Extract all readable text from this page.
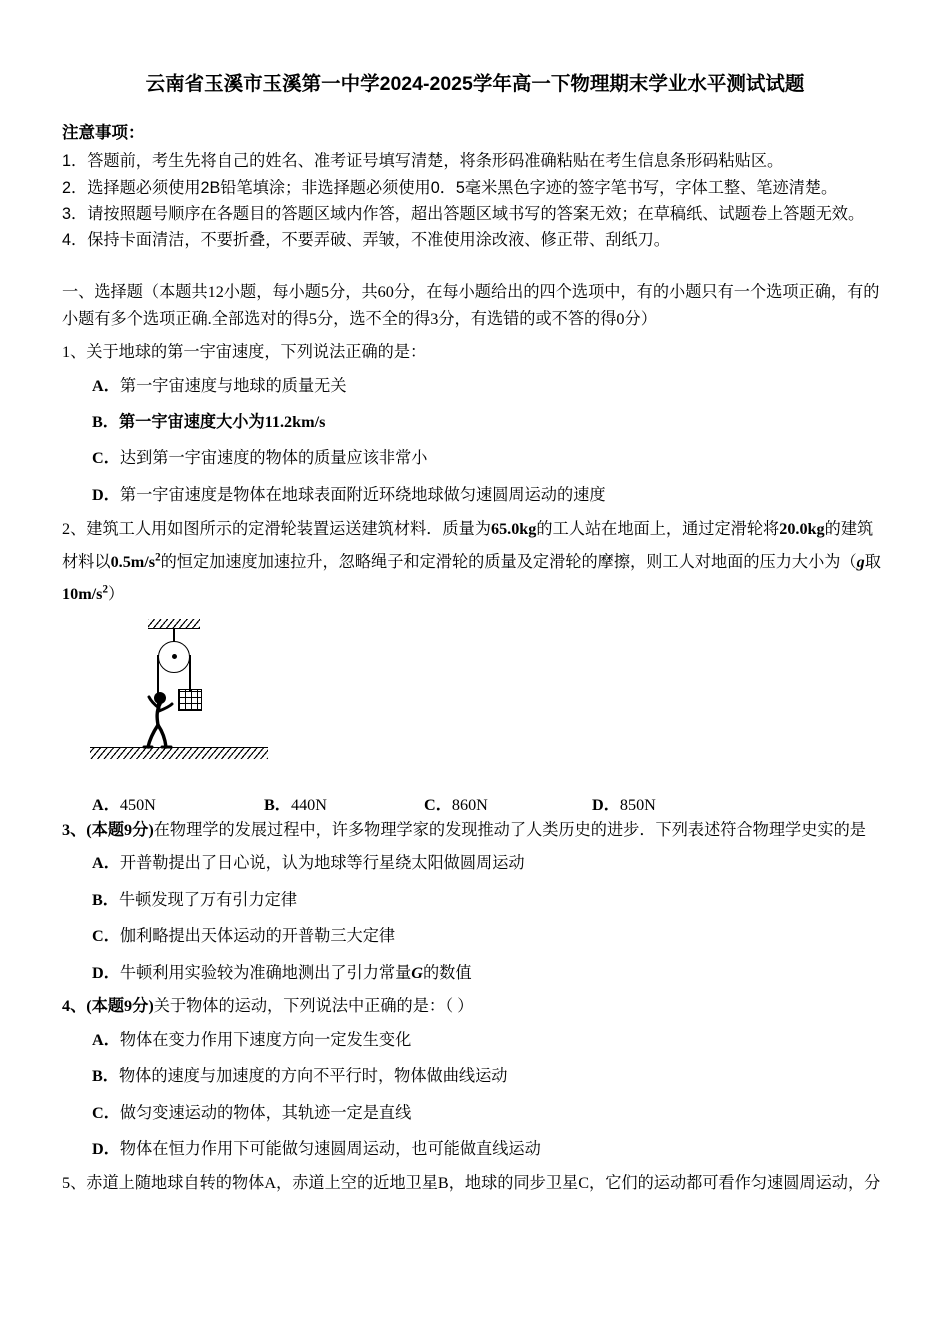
云南省玉溪市玉溪第一中学2024-2025学年高一下物理期末学业水平测试试题
注意事项：
1．答题前，考生先将自己的姓名、准考证号填写清楚，将条形码准确粘贴在考生信息条形码粘贴区。
2．选择题必须使用2B铅笔填涂；非选择题必须使用0．5毫米黑色字迹的签字笔书写，字体工整、笔迹清楚。
3．请按照题号顺序在各题目的答题区域内作答，超出答题区域书写的答案无效；在草稿纸、试题卷上答题无效。
4．保持卡面清洁，不要折叠，不要弄破、弄皱，不准使用涂改液、修正带、刮纸刀。
一、选择题（本题共12小题，每小题5分，共60分，在每小题给出的四个选项中，有的小题只有一个选项正确，有的小题有多个选项正确.全部选对的得5分，选不全的得3分，有选错的或不答的得0分）
1、关于地球的第一宇宙速度，下列说法正确的是：
A．第一宇宙速度与地球的质量无关
B．第一宇宙速度大小为11.2km/s
C．达到第一宇宙速度的物体的质量应该非常小
D．第一宇宙速度是物体在地球表面附近环绕地球做匀速圆周运动的速度
2、建筑工人用如图所示的定滑轮装置运送建筑材料．质量为65.0kg的工人站在地面上，通过定滑轮将20.0kg的建筑材料以$0.5m/s^2$的恒定加速度加速拉升，忽略绳子和定滑轮的质量及定滑轮的摩擦，则工人对地面的压力大小为（g取$10m/s^2$）
A．450N	B．440N	C．860N	D．850N
3、(本题9分)在物理学的发展过程中，许多物理学家的发现推动了人类历史的进步．下列表述符合物理学史实的是
A．开普勒提出了日心说，认为地球等行星绕太阳做圆周运动
B．牛顿发现了万有引力定律
C．伽利略提出天体运动的开普勒三大定律
D．牛顿利用实验较为准确地测出了引力常量G的数值
4、(本题9分)关于物体的运动，下列说法中正确的是：（ ）
A．物体在变力作用下速度方向一定发生变化
B．物体的速度与加速度的方向不平行时，物体做曲线运动
C．做匀变速运动的物体，其轨迹一定是直线
D．物体在恒力作用下可能做匀速圆周运动，也可能做直线运动
5、赤道上随地球自转的物体A，赤道上空的近地卫星B，地球的同步卫星C，它们的运动都可看作匀速圆周运动，分
